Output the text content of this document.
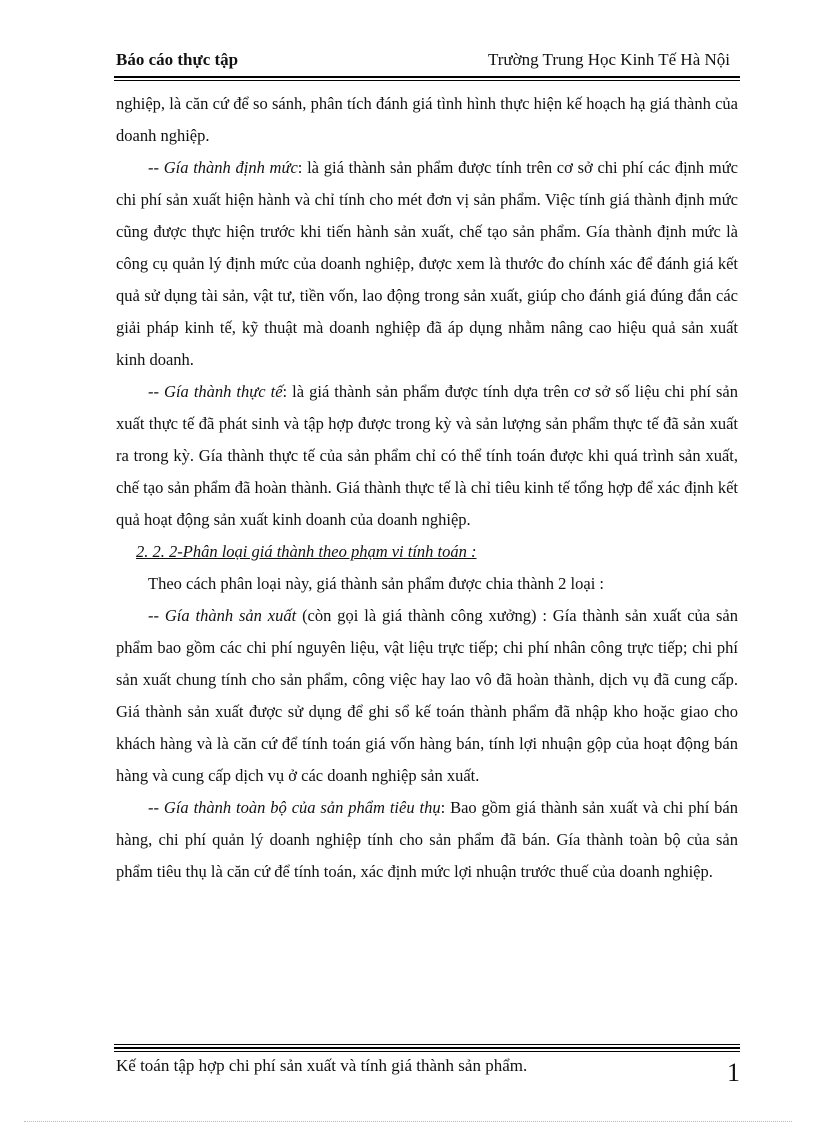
Báo cáo thực tập	Trường Trung Học Kinh Tế Hà Nội

nghiệp, là căn cứ để so sánh, phân tích đánh giá tình hình thực hiện kế hoạch hạ giá thành của doanh nghiệp.

-- Gía thành định mức: là giá thành sản phẩm được tính trên cơ sở chi phí các định mức chi phí sản xuất hiện hành và chỉ tính cho mét đơn vị sản phẩm. Việc tính giá thành định mức cũng được thực hiện trước khi tiến hành sản xuất, chế tạo sản phẩm. Gía thành định mức là công cụ quản lý định mức của doanh nghiệp, được xem là thước đo chính xác để đánh giá kết quả sử dụng tài sản, vật tư, tiền vốn, lao động trong sản xuất, giúp cho đánh giá đúng đắn các giải pháp kinh tế, kỹ thuật mà doanh nghiệp đã áp dụng nhằm nâng cao hiệu quả sản xuất kinh doanh.

-- Gía thành thực tế: là giá thành sản phẩm được tính dựa trên cơ sở số liệu chi phí sản xuất thực tế đã phát sinh và tập hợp được trong kỳ và sản lượng sản phẩm thực tế đã sản xuất ra trong kỳ. Gía thành thực tế của sản phẩm chỉ có thể tính toán được khi quá trình sản xuất, chế tạo sản phẩm đã hoàn thành. Giá thành thực tế là chỉ tiêu kinh tế tổng hợp để xác định kết quả hoạt động sản xuất kinh doanh của doanh nghiệp.

2. 2. 2-Phân loại giá thành theo phạm vi tính toán :

Theo cách phân loại này, giá thành sản phẩm được chia thành 2 loại :

-- Gía thành sản xuất (còn gọi là giá thành công xưởng) : Gía thành sản xuất của sản phẩm bao gồm các chi phí nguyên liệu, vật liệu trực tiếp; chi phí nhân công trực tiếp; chi phí sản xuất chung tính cho sản phẩm, công việc hay lao vô đã hoàn thành, dịch vụ đã cung cấp. Giá thành sản xuất được sử dụng để ghi sổ kế toán thành phẩm đã nhập kho hoặc giao cho khách hàng và là căn cứ để tính toán giá vốn hàng bán, tính lợi nhuận gộp của hoạt động bán hàng và cung cấp dịch vụ ở các doanh nghiệp sản xuất.

-- Gía thành toàn bộ của sản phẩm tiêu thụ: Bao gồm giá thành sản xuất và chi phí bán hàng, chi phí quản lý doanh nghiệp tính cho sản phẩm đã bán. Gía thành toàn bộ của sản phẩm tiêu thụ là căn cứ để tính toán, xác định mức lợi nhuận trước thuế của doanh nghiệp.

Kế toán tập hợp chi phí sản xuất và tính giá thành sản phẩm.	1
